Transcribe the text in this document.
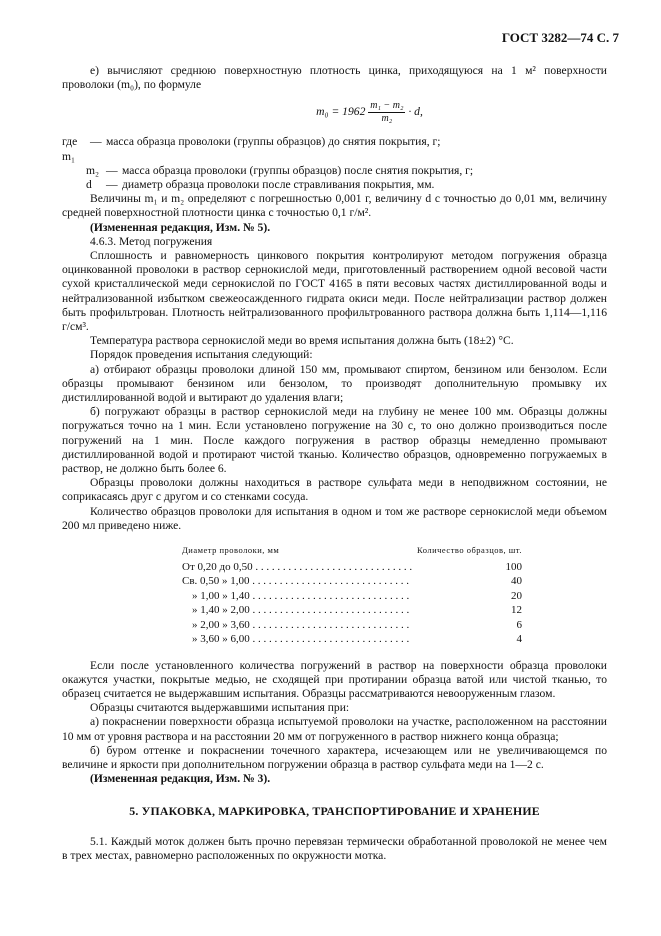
ГОСТ 3282—74 С. 7

е) вычисляют среднюю поверхностную плотность цинка, приходящуюся на 1 м² поверхности проволоки (m₀), по формуле

$m_0 = 1962 \frac{\text{m₁ − m₂}}{\text{m₂}} \cdot d$,
где m₁
— масса образца проволоки (группы образцов) до снятия покрытия, г;
m₂ — масса образца проволоки (группы образцов) после снятия покрытия, г;
d	— диаметр образца проволоки после стравливания покрытия, мм.

Величины m₁ и m₂ определяют с погрешностью 0,001 г, величину d с точностью до 0,01 мм, величину средней поверхностной плотности цинка с точностью 0,1 г/м².

(Измененная редакция, Изм. № 5).

4.6.3. Метод погружения

Сплошность и равномерность цинкового покрытия контролируют методом погружения образца оцинкованной проволоки в раствор сернокислой меди, приготовленный растворением одной весовой части сухой кристаллической меди сернокислой по ГОСТ 4165 в пяти весовых частях дистиллированной воды и нейтрализованной избытком свежеосажденного гидрата окиси меди. После нейтрализации раствор должен быть профильтрован. Плотность нейтрализованного профильтрованного раствора должна быть 1,114—1,116 г/см³.

Температура раствора сернокислой меди во время испытания должна быть (18±2) °С.

Порядок проведения испытания следующий:

а) отбирают образцы проволоки длиной 150 мм, промывают спиртом, бензином или бензолом. Если образцы промывают бензином или бензолом, то производят дополнительную промывку их дистиллированной водой и вытирают до удаления влаги;

б) погружают образцы в раствор сернокислой меди на глубину не менее 100 мм. Образцы должны погружаться точно на 1 мин. Если установлено погружение на 30 с, то оно должно производиться после погружений на 1 мин. После каждого погружения в раствор образцы немедленно промывают дистиллированной водой и протирают чистой тканью. Количество образцов, одновременно погружаемых в раствор, не должно быть более 6.

Образцы проволоки должны находиться в растворе сульфата меди в неподвижном состоянии, не соприкасаясь друг с другом и со стенками сосуда.

Количество образцов проволоки для испытания в одном и том же растворе сернокислой меди объемом 200 мл приведено ниже.

Диаметр проволоки, мм	Количество образцов, шт.
От 0,20 до 0,50 . . . . . . . . . . . . . . . . . . . . . . . . . . . . .	100
Св. 0,50 » 1,00 . . . . . . . . . . . . . . . . . . . . . . . . . . . . .	40
» 1,00 » 1,40 . . . . . . . . . . . . . . . . . . . . . . . . . . . . .	20
» 1,40 » 2,00 . . . . . . . . . . . . . . . . . . . . . . . . . . . . .	12
» 2,00 » 3,60 . . . . . . . . . . . . . . . . . . . . . . . . . . . . .	6
» 3,60 » 6,00 . . . . . . . . . . . . . . . . . . . . . . . . . . . . .	4

Если после установленного количества погружений в раствор на поверхности образца проволоки окажутся участки, покрытые медью, не сходящей при протирании образца ватой или чистой тканью, то образец считается не выдержавшим испытания. Образцы рассматриваются невооруженным глазом.

Образцы считаются выдержавшими испытания при:

а) покраснении поверхности образца испытуемой проволоки на участке, расположенном на расстоянии 10 мм от уровня раствора и на расстоянии 20 мм от погруженного в раствор нижнего конца образца;

б) буром оттенке и покраснении точечного характера, исчезающем или не увеличивающемся по величине и яркости при дополнительном погружении образца в раствор сульфата меди на 1—2 с.

(Измененная редакция, Изм. № 3).

5. УПАКОВКА, МАРКИРОВКА, ТРАНСПОРТИРОВАНИЕ И ХРАНЕНИЕ

5.1. Каждый моток должен быть прочно перевязан термически обработанной проволокой не менее чем в трех местах, равномерно расположенных по окружности мотка.
